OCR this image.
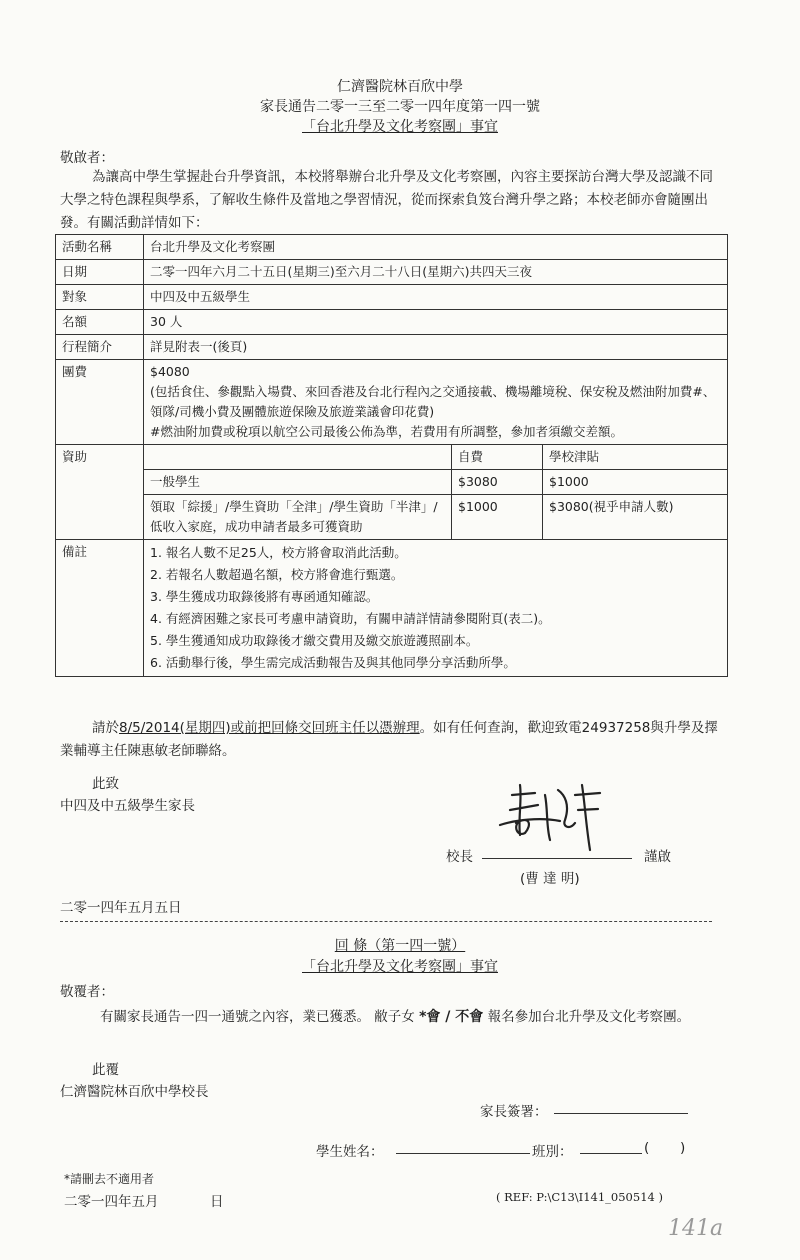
仁濟醫院林百欣中學
家長通告二零一三至二零一四年度第一四一號
「台北升學及文化考察團」事宜
敬啟者：
為讓高中學生掌握赴台升學資訊，本校將舉辦台北升學及文化考察團，內容主要探訪台灣大學及認識不同大學之特色課程與學系，了解收生條件及當地之學習情況，從而探索負笈台灣升學之路；本校老師亦會隨團出發。有關活動詳情如下：
活動名稱	台北升學及文化考察團
日期	二零一四年六月二十五日(星期三)至六月二十八日(星期六)共四天三夜
對象	中四及中五級學生
名額	30 人
行程簡介	詳見附表一(後頁)
團費	$4080
(包括食住、參觀點入場費、來回香港及台北行程內之交通接載、機場離境稅、保安稅及燃油附加費#、領隊/司機小費及團體旅遊保險及旅遊業議會印花費)
#燃油附加費或稅項以航空公司最後公佈為準，若費用有所調整，參加者須繳交差額。

資助	
		自費	學校津貼
一般學生	$3080	$1000
領取「綜援」/學生資助「全津」/學生資助「半津」/低收入家庭，成功申請者最多可獲資助	$1000	$3080(視乎申請人數)

備註	1. 報名人數不足25人，校方將會取消此活動。
2. 若報名人數超過名額，校方將會進行甄選。
3. 學生獲成功取錄後將有專函通知確認。
4. 有經濟困難之家長可考慮申請資助，有關申請詳情請參閱附頁(表二)。
5. 學生獲通知成功取錄後才繳交費用及繳交旅遊護照副本。
6. 活動舉行後，學生需完成活動報告及與其他同學分享活動所學。
請於8/5/2014(星期四)或前把回條交回班主任以憑辦理。如有任何查詢，歡迎致電24937258與升學及擇業輔導主任陳惠敏老師聯絡。
此致
中四及中五級學生家長
校長	謹啟
(曹 達 明)
二零一四年五月五日
回 條（第一四一號）
「台北升學及文化考察團」事宜
敬覆者：
有關家長通告一四一通號之內容，業已獲悉。 敝子女 *會 / 不會 報名參加台北升學及文化考察團。
此覆
仁濟醫院林百欣中學校長
家長簽署：
學生姓名：	班別：	( )
*請刪去不適用者
二零一四年五月	日	( REF: P:\C13\I141_050514 )
141a
